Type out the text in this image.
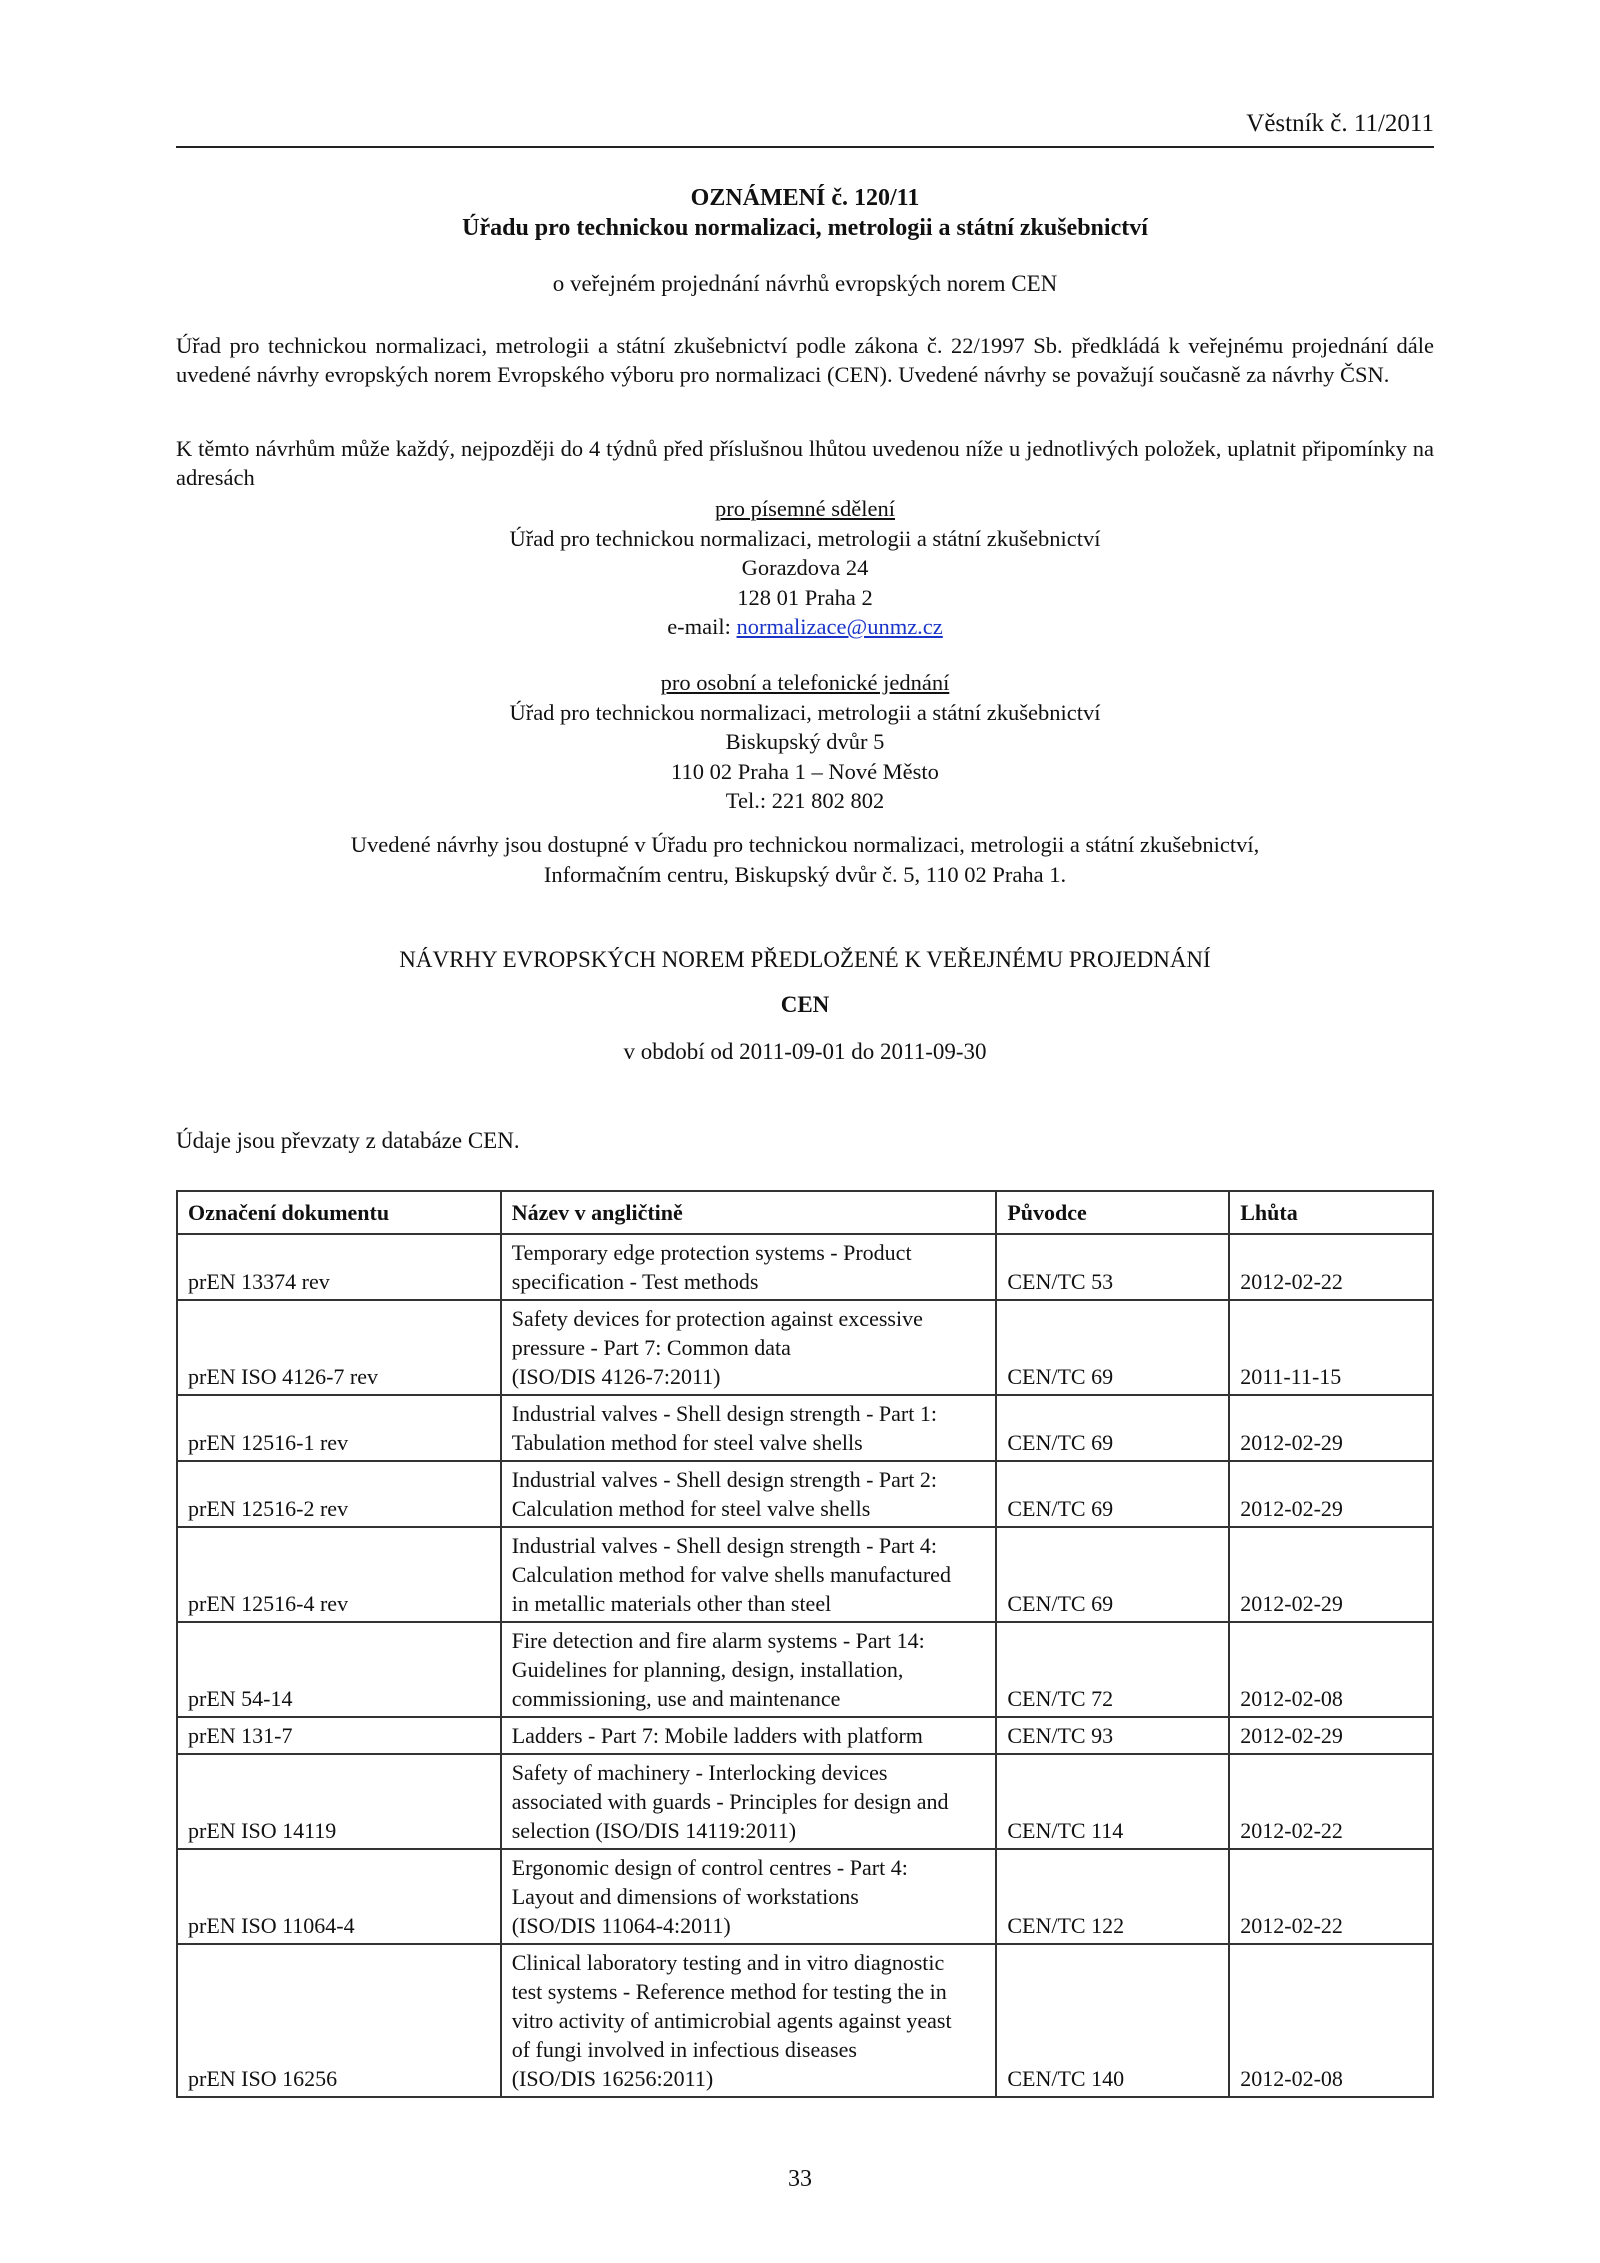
Věstník č. 11/2011
OZNÁMENÍ č. 120/11
Úřadu pro technickou normalizaci, metrologii a státní zkušebnictví
o veřejném projednání návrhů evropských norem CEN
Úřad pro technickou normalizaci, metrologii a státní zkušebnictví podle zákona č. 22/1997 Sb. předkládá k veřejnému projednání dále uvedené návrhy evropských norem Evropského výboru pro normalizaci (CEN). Uvedené návrhy se považují současně za návrhy ČSN.
K těmto návrhům může každý, nejpozději do 4 týdnů před příslušnou lhůtou uvedenou níže u jednotlivých položek, uplatnit připomínky na adresách
pro písemné sdělení
Úřad pro technickou normalizaci, metrologii a státní zkušebnictví
Gorazdova 24
128 01 Praha 2
e-mail: normalizace@unmz.cz
pro osobní a telefonické jednání
Úřad pro technickou normalizaci, metrologii a státní zkušebnictví
Biskupský dvůr 5
110 02 Praha 1 – Nové Město
Tel.: 221 802 802
Uvedené návrhy jsou dostupné v Úřadu pro technickou normalizaci, metrologii a státní zkušebnictví,
Informačním centru, Biskupský dvůr č. 5, 110 02 Praha 1.
NÁVRHY EVROPSKÝCH NOREM PŘEDLOŽENÉ K VEŘEJNÉMU PROJEDNÁNÍ
CEN
v období od 2011-09-01 do 2011-09-30
Údaje jsou převzaty z databáze CEN.
Označení dokumentu	Název v angličtině	Původce	Lhůta
prEN 13374 rev	Temporary edge protection systems - Product
specification - Test methods	CEN/TC 53	2012-02-22
prEN ISO 4126-7 rev	Safety devices for protection against excessive
pressure - Part 7: Common data
(ISO/DIS 4126-7:2011)	CEN/TC 69	2011-11-15
prEN 12516-1 rev	Industrial valves - Shell design strength - Part 1:
Tabulation method for steel valve shells	CEN/TC 69	2012-02-29
prEN 12516-2 rev	Industrial valves - Shell design strength - Part 2:
Calculation method for steel valve shells	CEN/TC 69	2012-02-29
prEN 12516-4 rev	Industrial valves - Shell design strength - Part 4:
Calculation method for valve shells manufactured
in metallic materials other than steel	CEN/TC 69	2012-02-29
prEN 54-14	Fire detection and fire alarm systems - Part 14:
Guidelines for planning, design, installation,
commissioning, use and maintenance	CEN/TC 72	2012-02-08
prEN 131-7	Ladders - Part 7: Mobile ladders with platform	CEN/TC 93	2012-02-29
prEN ISO 14119	Safety of machinery - Interlocking devices
associated with guards - Principles for design and
selection (ISO/DIS 14119:2011)	CEN/TC 114	2012-02-22
prEN ISO 11064-4	Ergonomic design of control centres - Part 4:
Layout and dimensions of workstations
(ISO/DIS 11064-4:2011)	CEN/TC 122	2012-02-22
prEN ISO 16256	Clinical laboratory testing and in vitro diagnostic
test systems - Reference method for testing the in
vitro activity of antimicrobial agents against yeast
of fungi involved in infectious diseases
(ISO/DIS 16256:2011)	CEN/TC 140	2012-02-08
33
